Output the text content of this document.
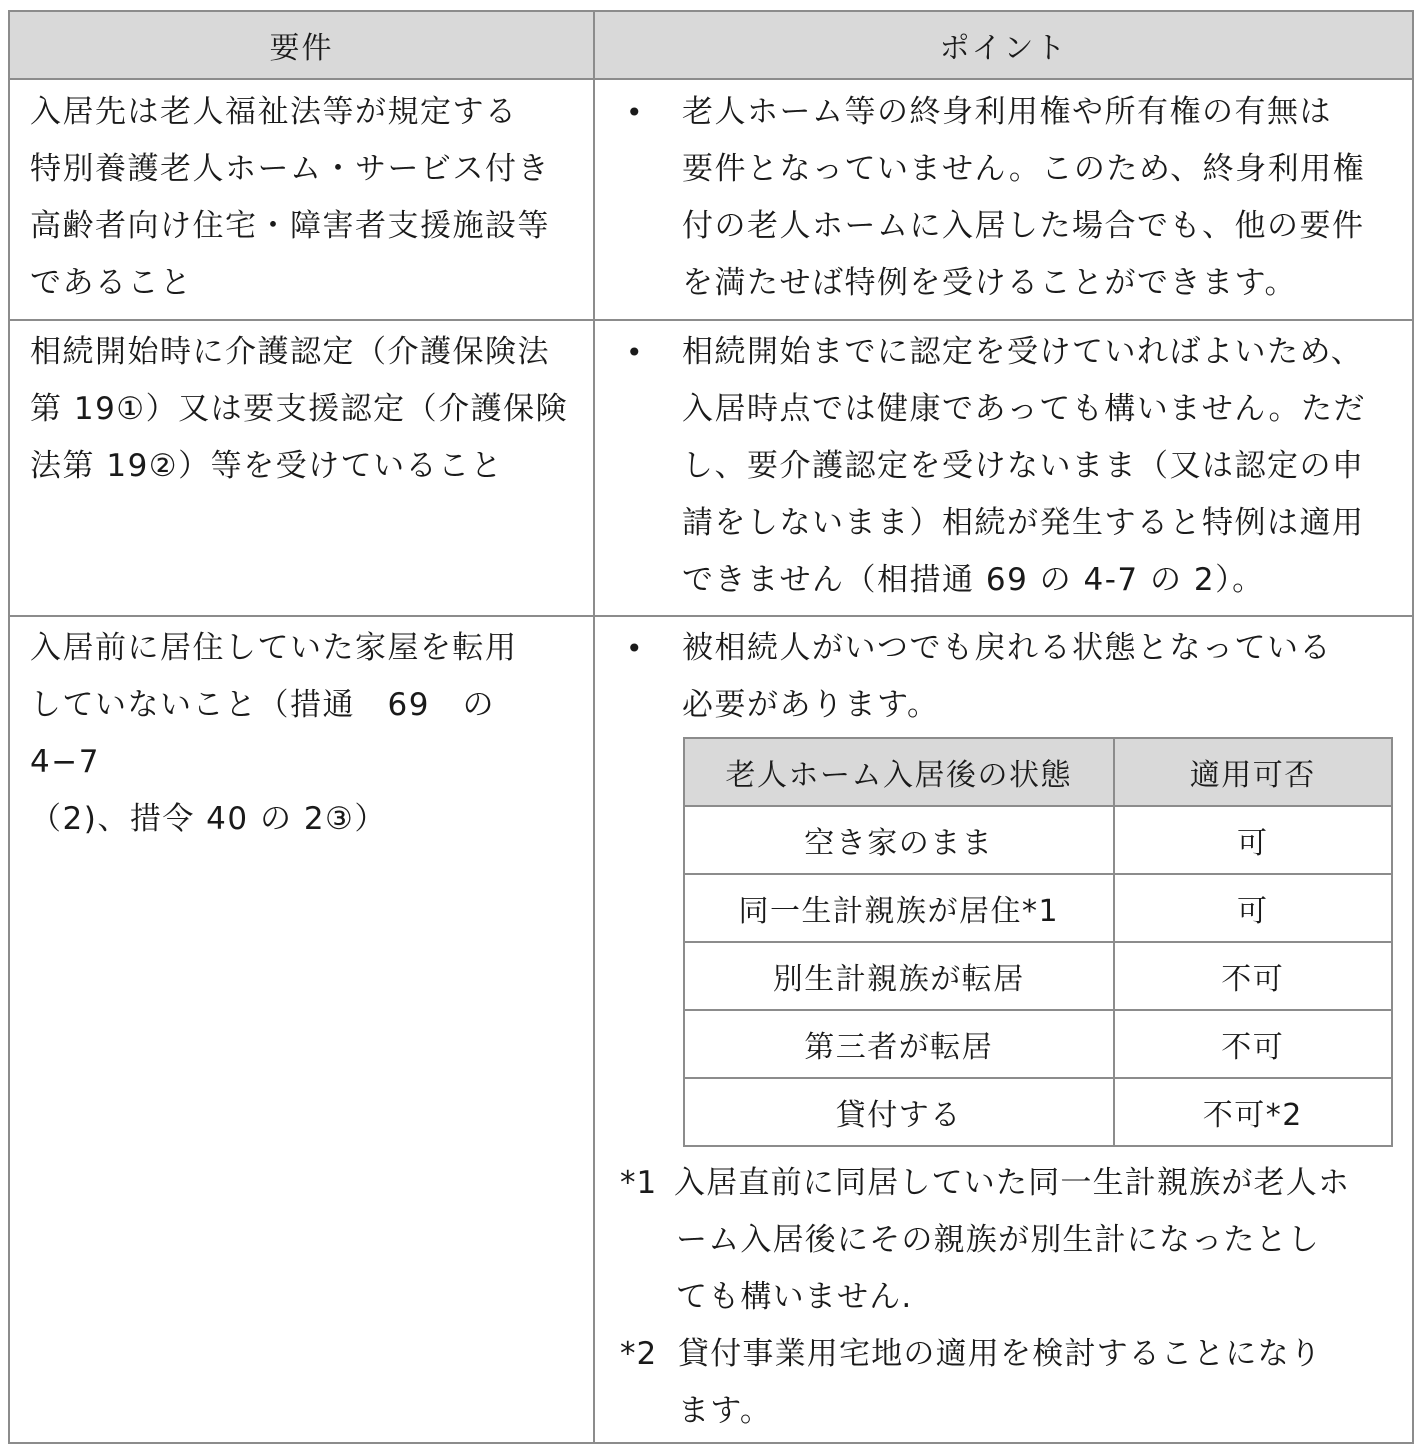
要件	ポイント
入居先は老人福祉法等が規定する
特別養護老人ホーム・サービス付き
高齢者向け住宅・障害者支援施設等
であること
• 老人ホーム等の終身利用権や所有権の有無は
要件となっていません。このため、終身利用権
付の老人ホームに入居した場合でも、他の要件
を満たせば特例を受けることができます。
相続開始時に介護認定（介護保険法
第 19①）又は要支援認定（介護保険
法第 19②）等を受けていること
• 相続開始までに認定を受けていればよいため、
入居時点では健康であっても構いません。ただ
し、要介護認定を受けないまま（又は認定の申
請をしないまま）相続が発生すると特例は適用
できません（相措通 69 の 4-7 の 2）。
入居前に居住していた家屋を転用
していないこと（措通　69　の　4−7
（2)、措令 40 の 2③）
• 被相続人がいつでも戻れる状態となっている
必要があります。
老人ホーム入居後の状態	適用可否
空き家のまま	可
同一生計親族が居住*1	可
別生計親族が転居	不可
第三者が転居	不可
貸付する	不可*2
*1 入居直前に同居していた同一生計親族が老人ホ
ーム入居後にその親族が別生計になったとし
ても構いません.
*2 貸付事業用宅地の適用を検討することになり
ます。
